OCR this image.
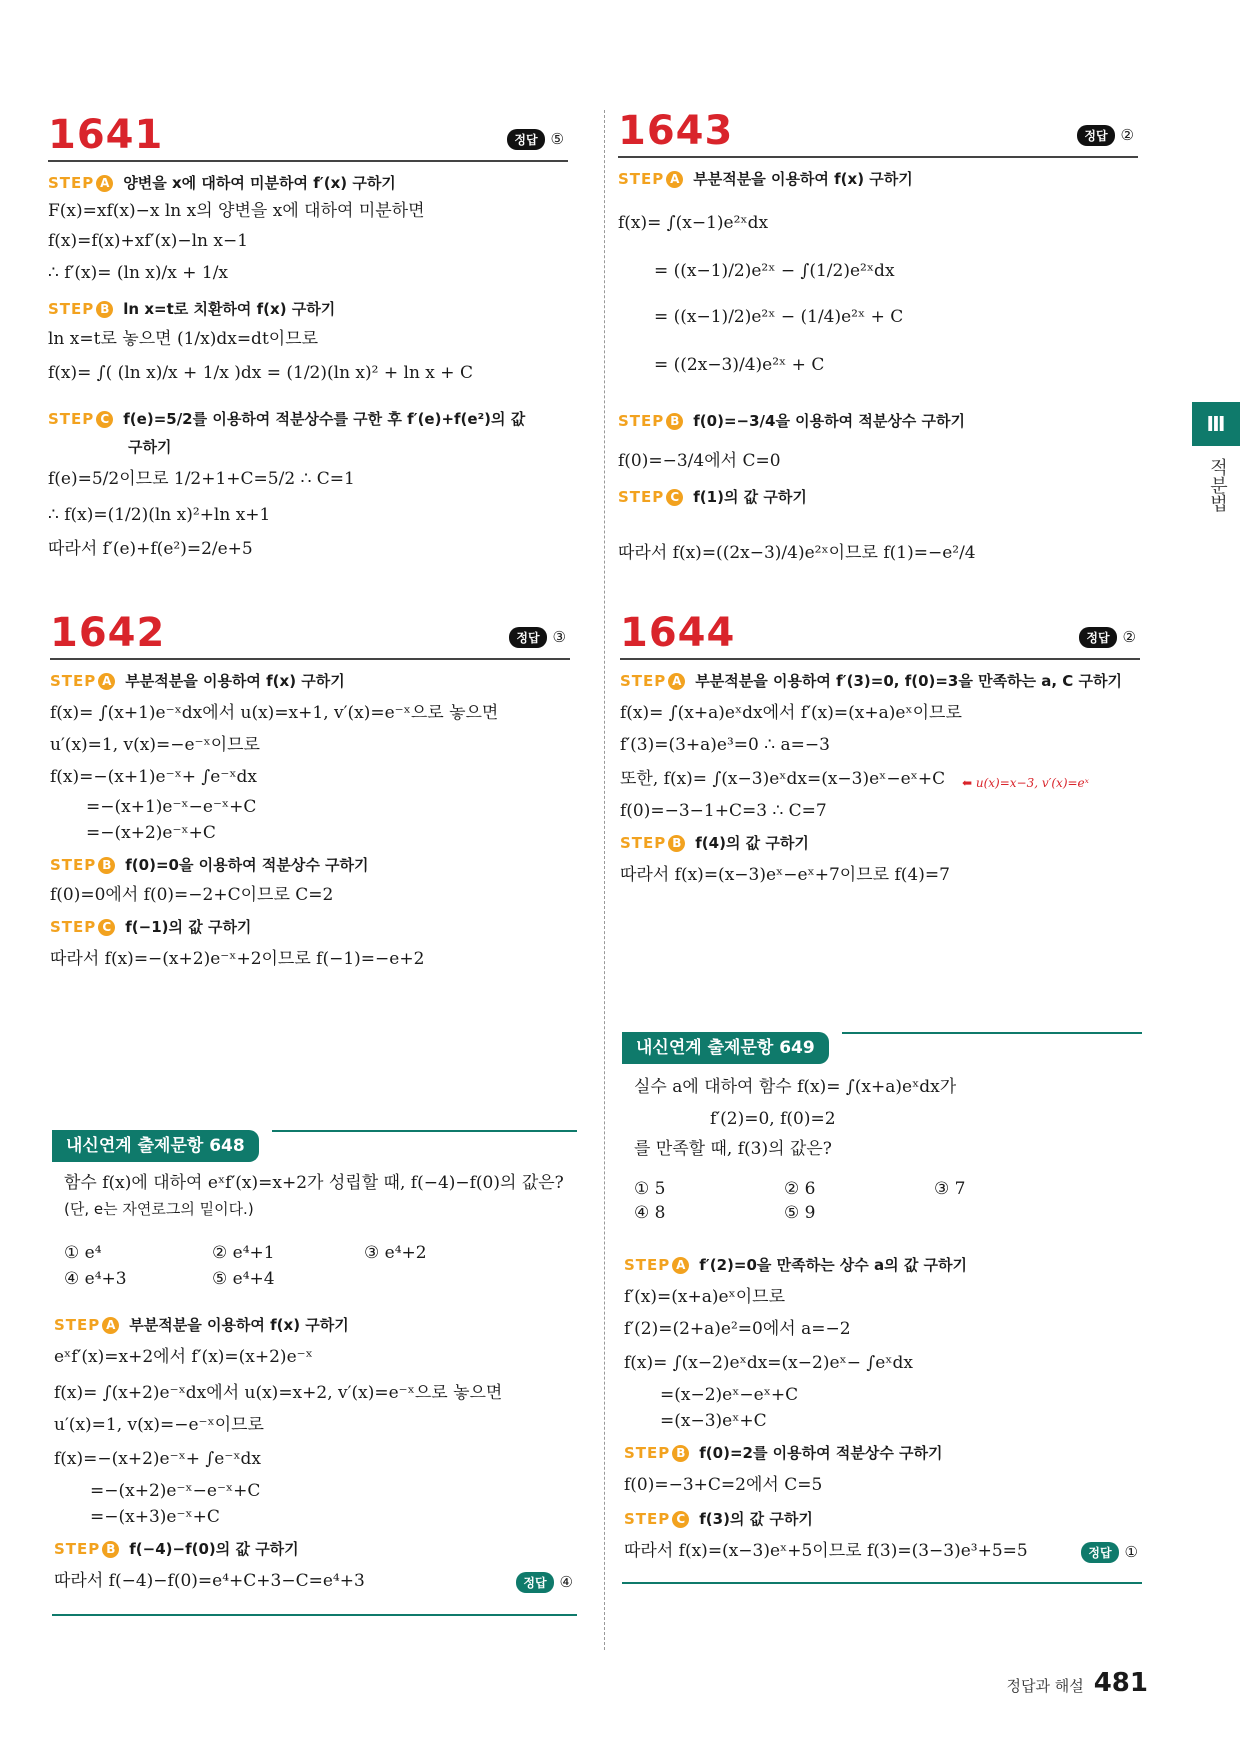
1641	정답 ⑤
STEP A 양변을 x에 대하여 미분하여 f′(x) 구하기
F(x)=xf(x)−x ln x의 양변을 x에 대하여 미분하면
f(x)=f(x)+xf′(x)−ln x−1
∴ f′(x)= (ln x)/x + 1/x
STEP B ln x=t로 치환하여 f(x) 구하기
ln x=t로 놓으면 (1/x)dx=dt이므로
f(x)= ∫( (ln x)/x + 1/x )dx = (1/2)(ln x)² + ln x + C
STEP C f(e)=5/2를 이용하여 적분상수를 구한 후 f′(e)+f(e²)의 값
구하기
f(e)=5/2이므로 1/2+1+C=5/2 ∴ C=1
∴ f(x)=(1/2)(ln x)²+ln x+1
따라서 f′(e)+f(e²)=2/e+5
1642	정답 ③
STEP A 부분적분을 이용하여 f(x) 구하기
f(x)= ∫(x+1)e⁻ˣdx에서 u(x)=x+1, v′(x)=e⁻ˣ으로 놓으면
u′(x)=1, v(x)=−e⁻ˣ이므로
f(x)=−(x+1)e⁻ˣ+ ∫e⁻ˣdx
=−(x+1)e⁻ˣ−e⁻ˣ+C
=−(x+2)e⁻ˣ+C
STEP B f(0)=0을 이용하여 적분상수 구하기
f(0)=0에서 f(0)=−2+C이므로 C=2
STEP C f(−1)의 값 구하기
따라서 f(x)=−(x+2)e⁻ˣ+2이므로 f(−1)=−e+2
내신연계 출제문항 648
함수 f(x)에 대하여 eˣf′(x)=x+2가 성립할 때, f(−4)−f(0)의 값은?
(단, e는 자연로그의 밑이다.)
① e⁴	② e⁴+1	③ e⁴+2
④ e⁴+3	⑤ e⁴+4
STEP A 부분적분을 이용하여 f(x) 구하기
eˣf′(x)=x+2에서 f′(x)=(x+2)e⁻ˣ
f(x)= ∫(x+2)e⁻ˣdx에서 u(x)=x+2, v′(x)=e⁻ˣ으로 놓으면
u′(x)=1, v(x)=−e⁻ˣ이므로
f(x)=−(x+2)e⁻ˣ+ ∫e⁻ˣdx
=−(x+2)e⁻ˣ−e⁻ˣ+C
=−(x+3)e⁻ˣ+C
STEP B f(−4)−f(0)의 값 구하기
따라서 f(−4)−f(0)=e⁴+C+3−C=e⁴+3	정답 ④
1643	정답 ②
STEP A 부분적분을 이용하여 f(x) 구하기
f(x)= ∫(x−1)e²ˣdx
= ((x−1)/2)e²ˣ − ∫(1/2)e²ˣdx
= ((x−1)/2)e²ˣ − (1/4)e²ˣ + C
= ((2x−3)/4)e²ˣ + C
STEP B f(0)=−3/4을 이용하여 적분상수 구하기
f(0)=−3/4에서 C=0
STEP C f(1)의 값 구하기
따라서 f(x)=((2x−3)/4)e²ˣ이므로 f(1)=−e²/4
1644	정답 ②
STEP A 부분적분을 이용하여 f′(3)=0, f(0)=3을 만족하는 a, C 구하기
f(x)= ∫(x+a)eˣdx에서 f′(x)=(x+a)eˣ이므로
f′(3)=(3+a)e³=0 ∴ a=−3
또한, f(x)= ∫(x−3)eˣdx=(x−3)eˣ−eˣ+C
f(0)=−3−1+C=3 ∴ C=7
STEP B f(4)의 값 구하기
따라서 f(x)=(x−3)eˣ−eˣ+7이므로 f(4)=7
⬅ u(x)=x−3, v′(x)=eˣ
내신연계 출제문항 649
실수 a에 대하여 함수 f(x)= ∫(x+a)eˣdx가
f′(2)=0, f(0)=2
를 만족할 때, f(3)의 값은?
① 5	② 6	③ 7
④ 8	⑤ 9
STEP A f′(2)=0을 만족하는 상수 a의 값 구하기
f′(x)=(x+a)eˣ이므로
f′(2)=(2+a)e²=0에서 a=−2
f(x)= ∫(x−2)eˣdx=(x−2)eˣ− ∫eˣdx
=(x−2)eˣ−eˣ+C
=(x−3)eˣ+C
STEP B f(0)=2를 이용하여 적분상수 구하기
f(0)=−3+C=2에서 C=5
STEP C f(3)의 값 구하기
따라서 f(x)=(x−3)eˣ+5이므로 f(3)=(3−3)e³+5=5	정답 ①
Ⅲ
적분법
정답과 해설 481
